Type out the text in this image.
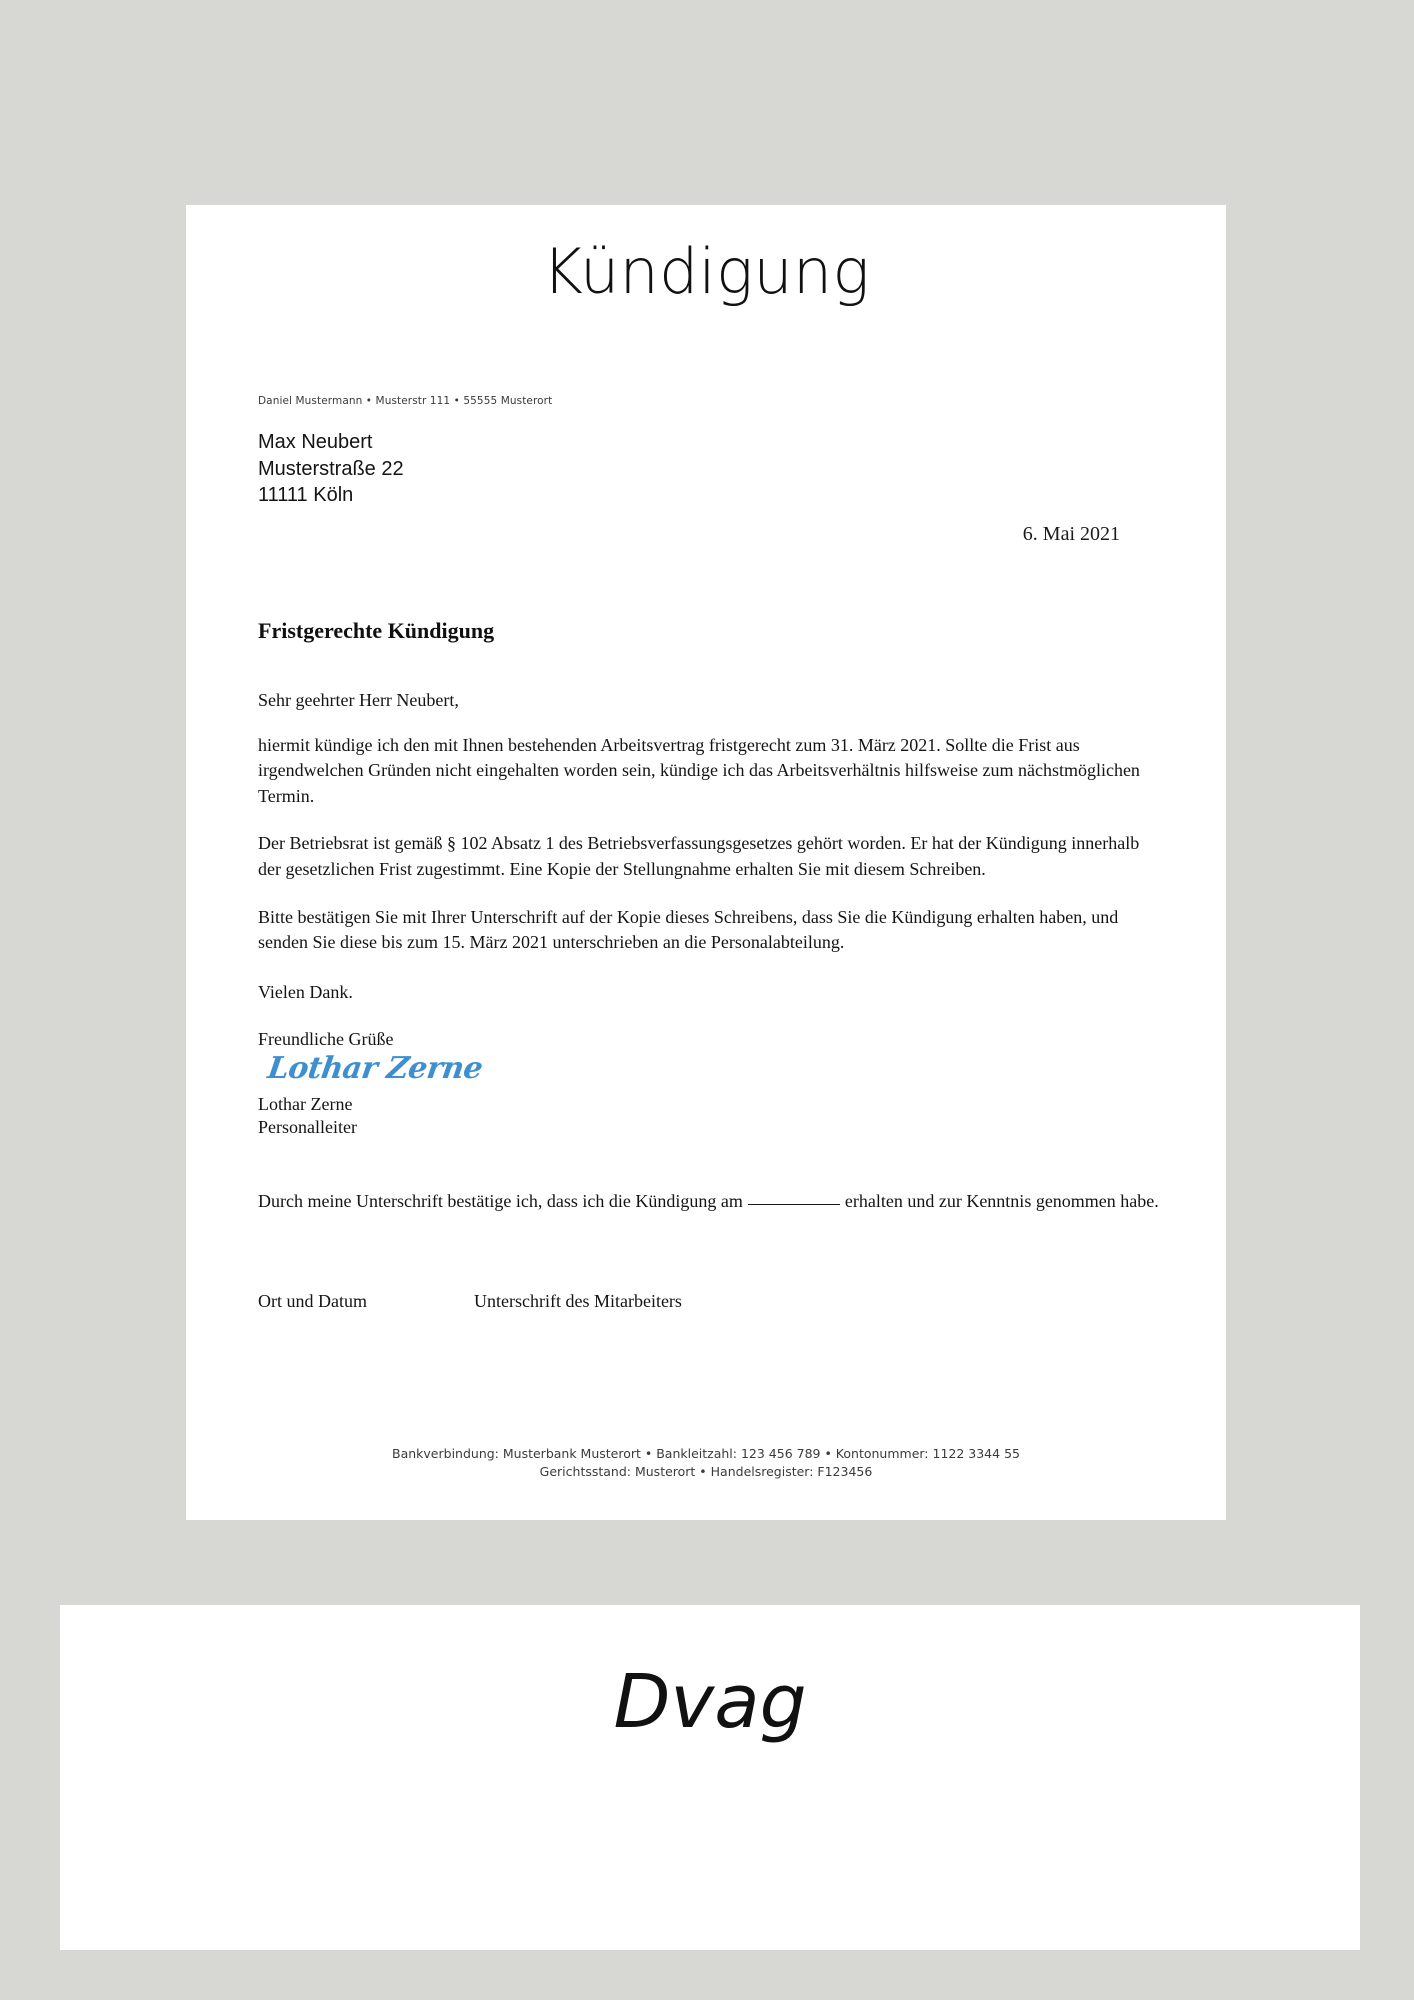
Kündigung
Daniel Mustermann • Musterstr 111 • 55555 Musterort
Max Neubert
Musterstraße 22
11111 Köln
6. Mai 2021
Fristgerechte Kündigung
Sehr geehrter Herr Neubert,
hiermit kündige ich den mit Ihnen bestehenden Arbeitsvertrag fristgerecht zum 31. März 2021. Sollte die Frist aus irgendwelchen Gründen nicht eingehalten worden sein, kündige ich das Arbeitsverhältnis hilfsweise zum nächstmöglichen Termin.
Der Betriebsrat ist gemäß § 102 Absatz 1 des Betriebsverfassungsgesetzes gehört worden. Er hat der Kündigung innerhalb der gesetzlichen Frist zugestimmt. Eine Kopie der Stellungnahme erhalten Sie mit diesem Schreiben.
Bitte bestätigen Sie mit Ihrer Unterschrift auf der Kopie dieses Schreibens, dass Sie die Kündigung erhalten haben, und senden Sie diese bis zum 15. März 2021 unterschrieben an die Personalabteilung.
Vielen Dank.
Freundliche Grüße
Lothar Zerne
Lothar Zerne
Personalleiter
Durch meine Unterschrift bestätige ich, dass ich die Kündigung am	erhalten und zur Kenntnis genommen habe.
Ort und Datum	Unterschrift des Mitarbeiters
Bankverbindung: Musterbank Musterort • Bankleitzahl: 123 456 789 • Kontonummer: 1122 3344 55
Gerichtsstand: Musterort • Handelsregister: F123456
Dvag
